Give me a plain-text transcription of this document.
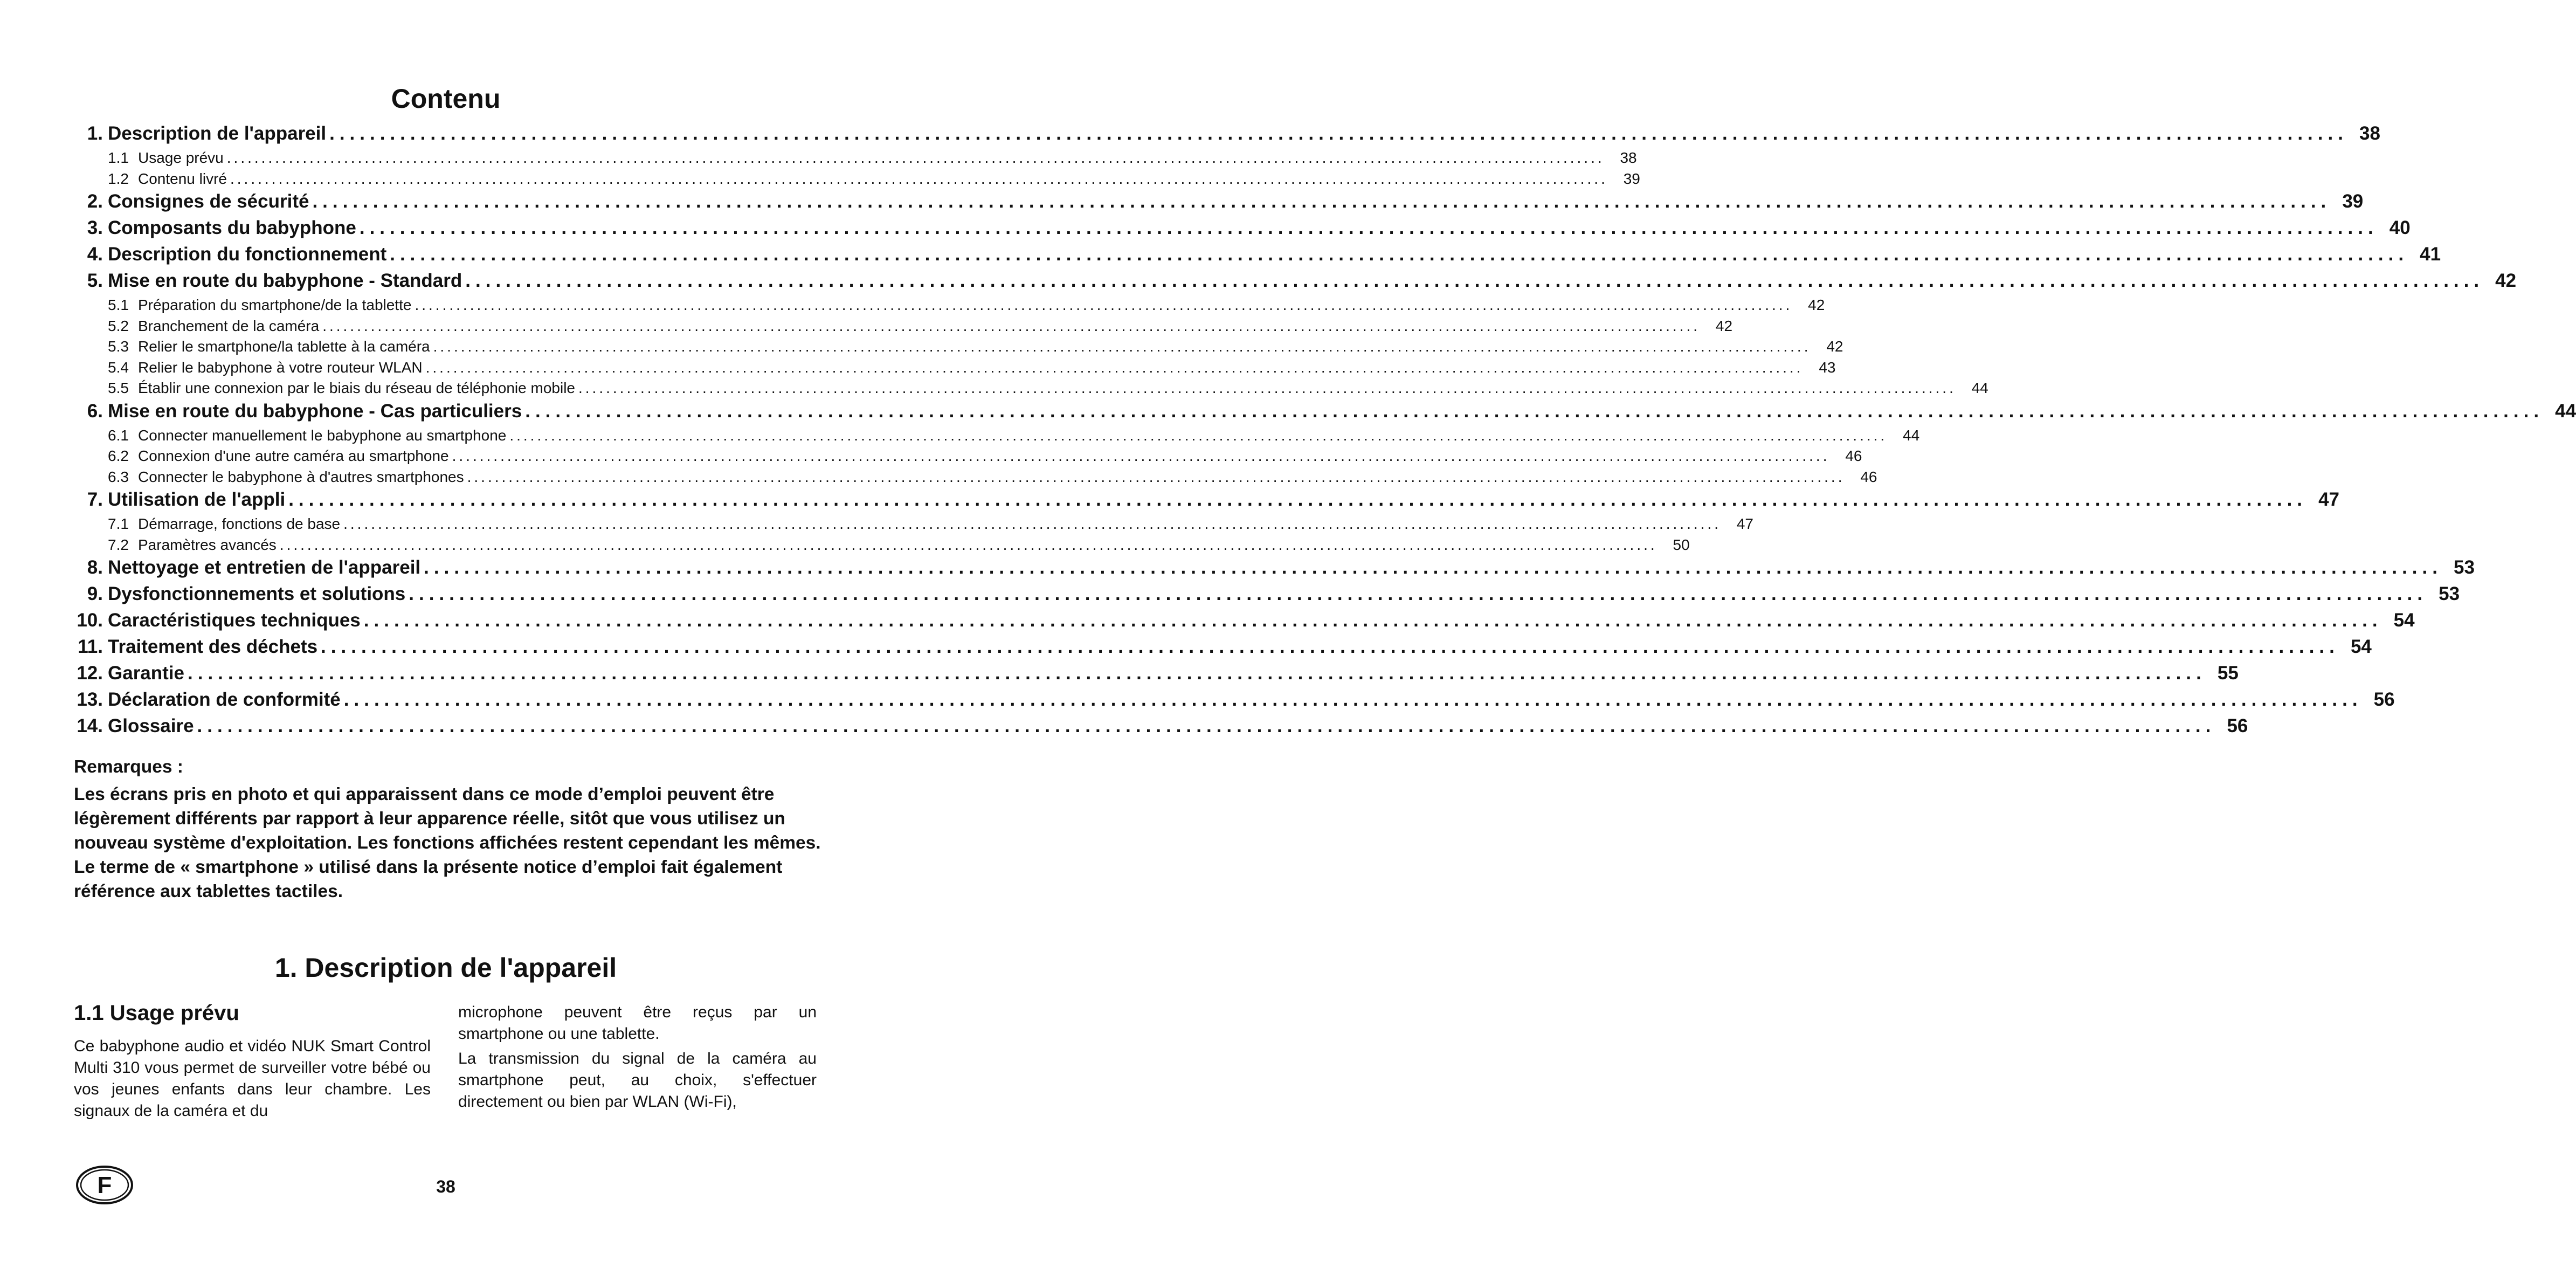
Contenu
1. Description de l'appareil ........................................................................................................................................................................................................ 38
1.1 Usage prévu ........................................................................................................................................................................................................	38
1.2 Contenu livré ........................................................................................................................................................................................................	39
2. Consignes de sécurité ........................................................................................................................................................................................................ 39
3. Composants du babyphone ........................................................................................................................................................................................................ 40
4. Description du fonctionnement ........................................................................................................................................................................................................ 41
5. Mise en route du babyphone - Standard ........................................................................................................................................................................................................ 42
5.1 Préparation du smartphone/de la tablette ........................................................................................................................................................................................................	42
5.2 Branchement de la caméra ........................................................................................................................................................................................................	42
5.3 Relier le smartphone/la tablette à la caméra ........................................................................................................................................................................................................	42
5.4 Relier le babyphone à votre routeur WLAN ........................................................................................................................................................................................................	43
5.5 Établir une connexion par le biais du réseau de téléphonie mobile ........................................................................................................................................................................................................	44
6. Mise en route du babyphone - Cas particuliers ........................................................................................................................................................................................................ 44
6.1 Connecter manuellement le babyphone au smartphone ........................................................................................................................................................................................................	44
6.2 Connexion d'une autre caméra au smartphone ........................................................................................................................................................................................................	46
6.3 Connecter le babyphone à d'autres smartphones ........................................................................................................................................................................................................	46
7. Utilisation de l'appli ........................................................................................................................................................................................................ 47
7.1 Démarrage, fonctions de base ........................................................................................................................................................................................................	47
7.2 Paramètres avancés ........................................................................................................................................................................................................	50
8. Nettoyage et entretien de l'appareil ........................................................................................................................................................................................................ 53
9. Dysfonctionnements et solutions ........................................................................................................................................................................................................ 53
10. Caractéristiques techniques ........................................................................................................................................................................................................ 54
11. Traitement des déchets ........................................................................................................................................................................................................ 54
12. Garantie ........................................................................................................................................................................................................ 55
13. Déclaration de conformité ........................................................................................................................................................................................................ 56
14. Glossaire ........................................................................................................................................................................................................ 56

Remarques :

Les écrans pris en photo et qui apparaissent dans ce mode d’emploi peuvent être légèrement différents par rapport à leur apparence réelle, sitôt que vous utilisez un nouveau système d'exploitation. Les fonctions affichées restent cependant les mêmes.

Le terme de « smartphone » utilisé dans la présente notice d’emploi fait également référence aux tablettes tactiles.

1. Description de l'appareil
1.1 Usage prévu

Ce babyphone audio et vidéo NUK Smart Control Multi 310 vous permet de surveiller votre bébé ou vos jeunes enfants dans leur chambre. Les signaux de la caméra et du

microphone peuvent être reçus par un smartphone ou une tablette.

La transmission du signal de la caméra au smartphone peut, au choix, s'effectuer directement ou bien par WLAN (Wi-Fi),

F	38
